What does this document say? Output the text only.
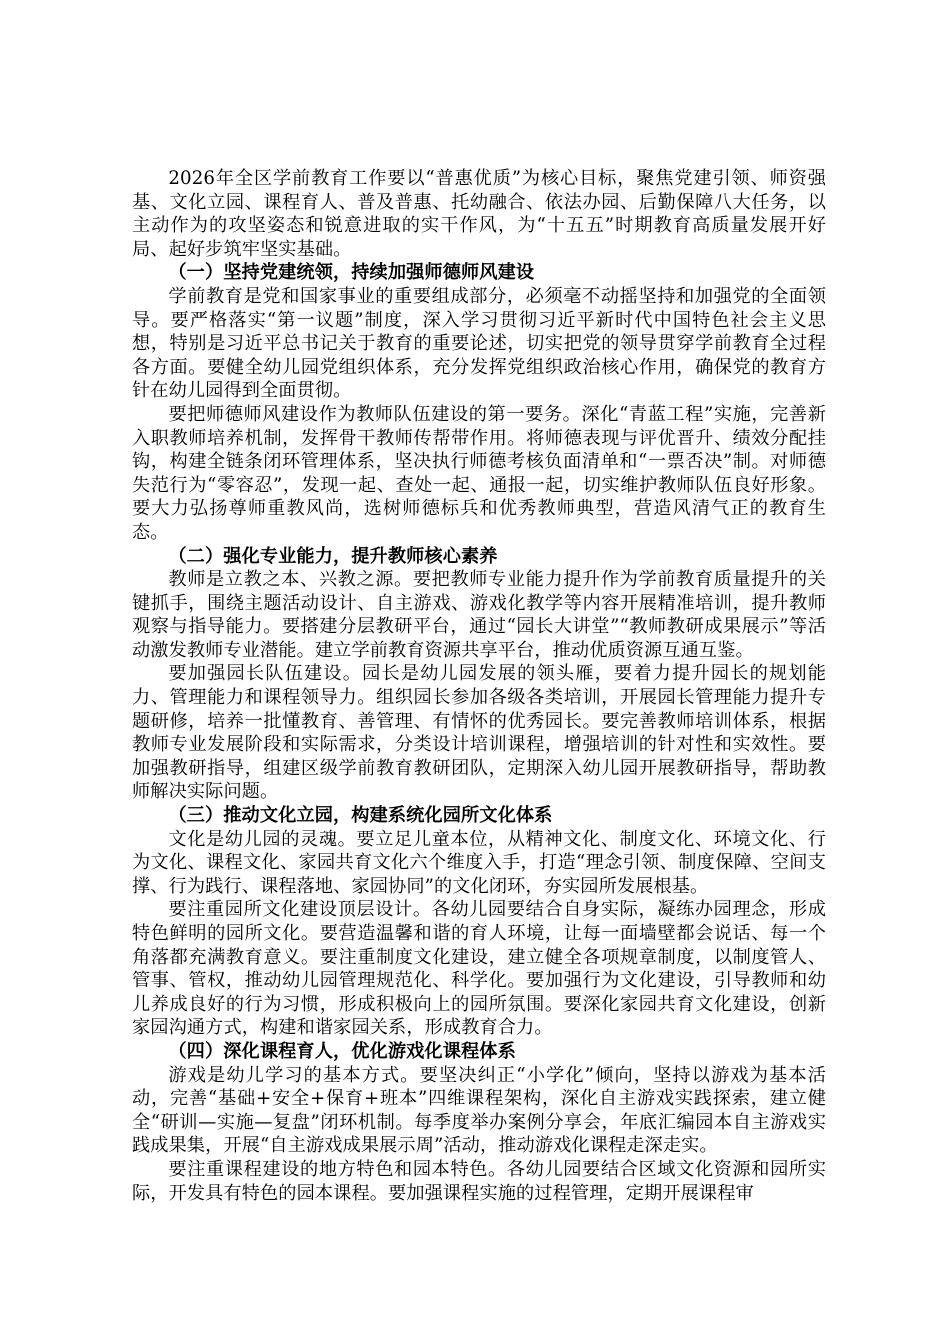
2026年全区学前教育工作要以“普惠优质”为核心目标，聚焦党建引领、师资强基、文化立园、课程育人、普及普惠、托幼融合、依法办园、后勤保障八大任务，以主动作为的攻坚姿态和锐意进取的实干作风，为“十五五”时期教育高质量发展开好局、起好步筑牢坚实基础。

（一）坚持党建统领，持续加强师德师风建设

学前教育是党和国家事业的重要组成部分，必须毫不动摇坚持和加强党的全面领导。要严格落实“第一议题”制度，深入学习贯彻习近平新时代中国特色社会主义思想，特别是习近平总书记关于教育的重要论述，切实把党的领导贯穿学前教育全过程各方面。要健全幼儿园党组织体系，充分发挥党组织政治核心作用，确保党的教育方针在幼儿园得到全面贯彻。

要把师德师风建设作为教师队伍建设的第一要务。深化“青蓝工程”实施，完善新入职教师培养机制，发挥骨干教师传帮带作用。将师德表现与评优晋升、绩效分配挂钩，构建全链条闭环管理体系，坚决执行师德考核负面清单和“一票否决”制。对师德失范行为“零容忍”，发现一起、查处一起、通报一起，切实维护教师队伍良好形象。要大力弘扬尊师重教风尚，选树师德标兵和优秀教师典型，营造风清气正的教育生态。

（二）强化专业能力，提升教师核心素养

教师是立教之本、兴教之源。要把教师专业能力提升作为学前教育质量提升的关键抓手，围绕主题活动设计、自主游戏、游戏化教学等内容开展精准培训，提升教师观察与指导能力。要搭建分层教研平台，通过“园长大讲堂”“教师教研成果展示”等活动激发教师专业潜能。建立学前教育资源共享平台，推动优质资源互通互鉴。

要加强园长队伍建设。园长是幼儿园发展的领头雁，要着力提升园长的规划能力、管理能力和课程领导力。组织园长参加各级各类培训，开展园长管理能力提升专题研修，培养一批懂教育、善管理、有情怀的优秀园长。要完善教师培训体系，根据教师专业发展阶段和实际需求，分类设计培训课程，增强培训的针对性和实效性。要加强教研指导，组建区级学前教育教研团队，定期深入幼儿园开展教研指导，帮助教师解决实际问题。

（三）推动文化立园，构建系统化园所文化体系

文化是幼儿园的灵魂。要立足儿童本位，从精神文化、制度文化、环境文化、行为文化、课程文化、家园共育文化六个维度入手，打造“理念引领、制度保障、空间支撑、行为践行、课程落地、家园协同”的文化闭环，夯实园所发展根基。

要注重园所文化建设顶层设计。各幼儿园要结合自身实际，凝练办园理念，形成特色鲜明的园所文化。要营造温馨和谐的育人环境，让每一面墙壁都会说话、每一个角落都充满教育意义。要注重制度文化建设，建立健全各项规章制度，以制度管人、管事、管权，推动幼儿园管理规范化、科学化。要加强行为文化建设，引导教师和幼儿养成良好的行为习惯，形成积极向上的园所氛围。要深化家园共育文化建设，创新家园沟通方式，构建和谐家园关系，形成教育合力。

（四）深化课程育人，优化游戏化课程体系

游戏是幼儿学习的基本方式。要坚决纠正“小学化”倾向，坚持以游戏为基本活动，完善“基础+安全+保育+班本”四维课程架构，深化自主游戏实践探索，建立健全“研训—实施—复盘”闭环机制。每季度举办案例分享会，年底汇编园本自主游戏实践成果集，开展“自主游戏成果展示周”活动，推动游戏化课程走深走实。

要注重课程建设的地方特色和园本特色。各幼儿园要结合区域文化资源和园所实际，开发具有特色的园本课程。要加强课程实施的过程管理，定期开展课程审
